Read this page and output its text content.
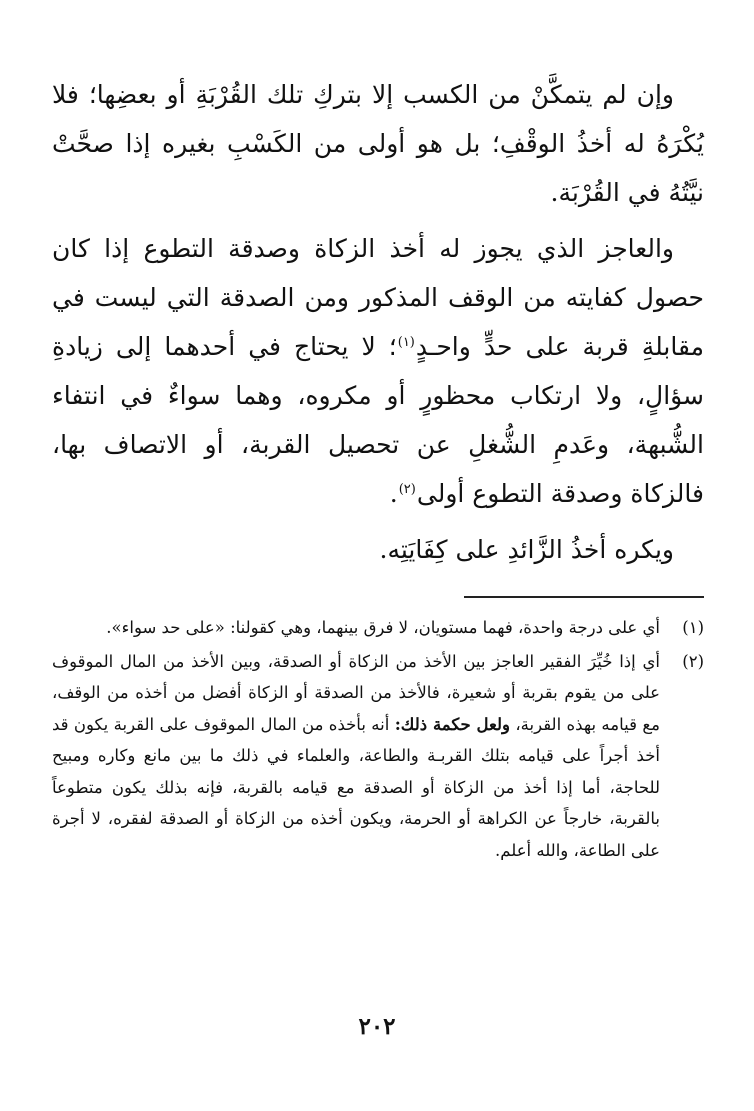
وإن لم يتمكَّنْ من الكسب إلا بتركِ تلك القُرْبَةِ أو بعضِها؛ فلا يُكْرَهُ له أخذُ الوقْفِ؛ بل هو أولى من الكَسْبِ بغيره إذا صحَّتْ نيَّتُهُ في القُرْبَة.

والعاجز الذي يجوز له أخذ الزكاة وصدقة التطوع إذا كان حصول كفايته من الوقف المذكور ومن الصدقة التي ليست في مقابلةِ قربة على حدٍّ واحـدٍ$^{(١)}$؛ لا يحتاج في أحدهما إلى زيادةِ سؤالٍ، ولا ارتكاب محظورٍ أو مكروه، وهما سواءٌ في انتفاء الشُّبهة، وعَدمِ الشُّغلِ عن تحصيل القربة، أو الاتصاف بها، فالزكاة وصدقة التطوع أولى$^{(٢)}$.

ويكره أخذُ الزَّائدِ على كِفَايَتِه.

(١)
أي على درجة واحدة، فهما مستويان، لا فرق بينهما، وهي كقولنا: «على حد سواء».
(٢)
أي إذا خُيِّرَ الفقير العاجز بين الأخذ من الزكاة أو الصدقة، وبين الأخذ من المال الموقوف على من يقوم بقربة أو شعيرة، فالأخذ من الصدقة أو الزكاة أفضل من أخذه من الوقف، مع قيامه بهذه القربة، ولعل حكمة ذلك: أنه بأخذه من المال الموقوف على القربة يكون قد أخذ أجراً على قيامه بتلك القربـة والطاعة، والعلماء في ذلك ما بين مانع وكاره ومبيح للحاجة، أما إذا أخذ من الزكاة أو الصدقة مع قيامه بالقربة، فإنه بذلك يكون متطوعاً بالقربة، خارجاً عن الكراهة أو الحرمة، ويكون أخذه من الزكاة أو الصدقة لفقره، لا أجرة على الطاعة، والله أعلم.
٢٠٢
